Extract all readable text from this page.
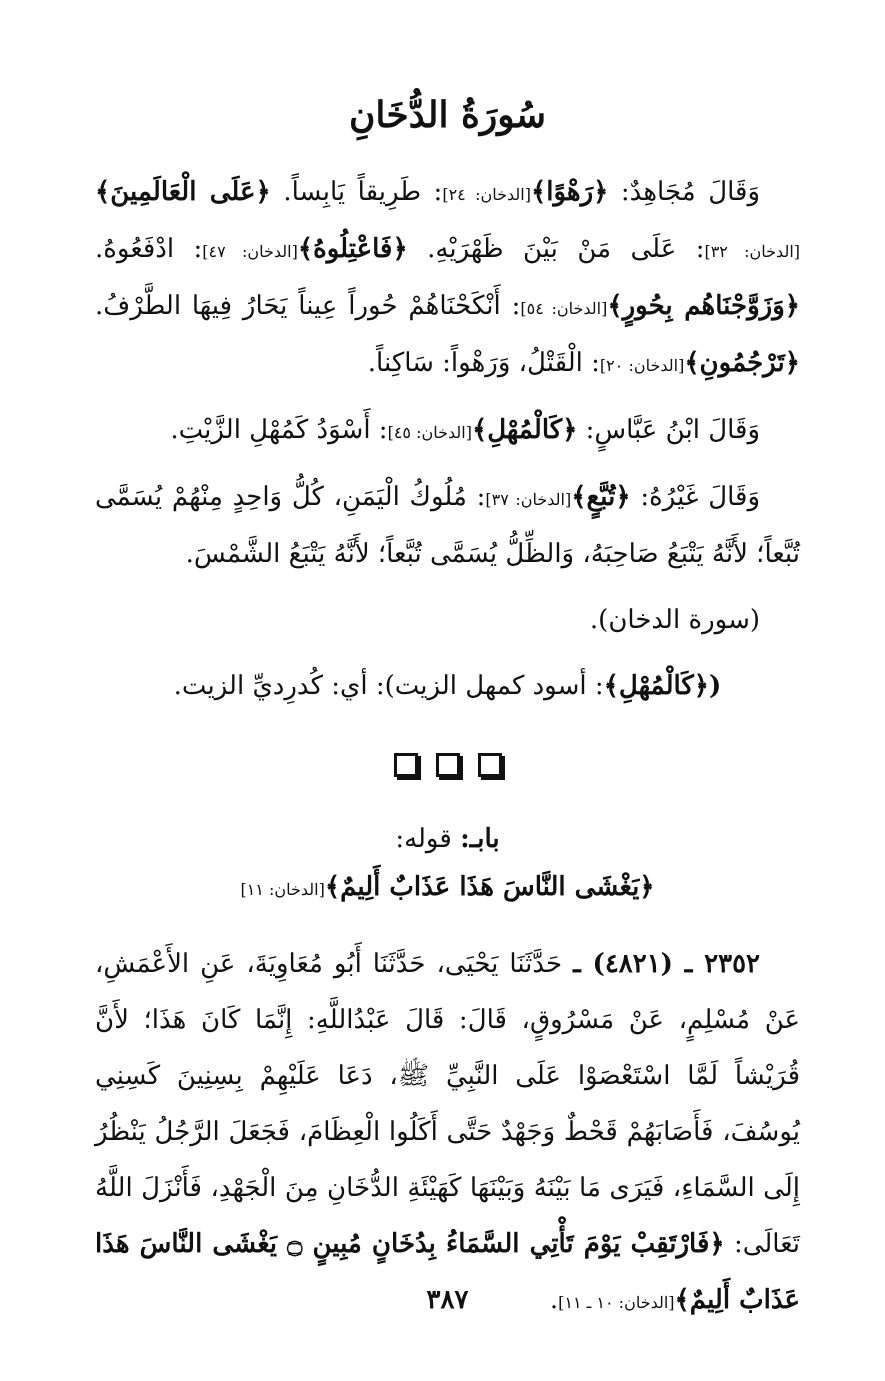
سُورَةُ الدُّخَانِ

وَقَالَ مُجَاهِدٌ: ﴿رَهْوًا﴾[الدخان: ٢٤]: طَرِيقاً يَابِساً. ﴿عَلَى الْعَالَمِينَ﴾[الدخان: ٣٢]: عَلَى مَنْ بَيْنَ ظَهْرَيْهِ. ﴿فَاعْتِلُوهُ﴾[الدخان: ٤٧]: ادْفَعُوهُ. ﴿وَزَوَّجْنَاهُم بِحُورٍ﴾[الدخان: ٥٤]: أَنْكَحْنَاهُمْ حُوراً عِيناً يَحَارُ فِيهَا الطَّرْفُ. ﴿تَرْجُمُونِ﴾[الدخان: ٢٠]: الْقَتْلُ، وَرَهْواً: سَاكِناً.

وَقَالَ ابْنُ عَبَّاسٍ: ﴿كَالْمُهْلِ﴾[الدخان: ٤٥]: أَسْوَدُ كَمُهْلِ الزَّيْتِ.

وَقَالَ غَيْرُهُ: ﴿تُبَّعٍ﴾[الدخان: ٣٧]: مُلُوكُ الْيَمَنِ، كُلُّ وَاحِدٍ مِنْهُمْ يُسَمَّى تُبَّعاً؛ لأَنَّهُ يَتْبَعُ صَاحِبَهُ، وَالظِّلُّ يُسَمَّى تُبَّعاً؛ لأَنَّهُ يَتْبَعُ الشَّمْسَ.

(سورة الدخان).

(﴿كَالْمُهْلِ﴾: أسود كمهل الزيت): أي: كُدرِديِّ الزيت.

بابـ: قوله:

﴿يَغْشَى النَّاسَ هَذَا عَذَابٌ أَلِيمٌ﴾[الدخان: ١١]

٢٣٥٢ ـ (٤٨٢١) ـ حَدَّثَنَا يَحْيَى، حَدَّثَنَا أَبُو مُعَاوِيَةَ، عَنِ الأَعْمَشِ، عَنْ مُسْلِمٍ، عَنْ مَسْرُوقٍ، قَالَ: قَالَ عَبْدُاللَّهِ: إِنَّمَا كَانَ هَذَا؛ لأَنَّ قُرَيْشاً لَمَّا اسْتَعْصَوْا عَلَى النَّبِيِّ ﷺ، دَعَا عَلَيْهِمْ بِسِنِينَ كَسِنِي يُوسُفَ، فَأَصَابَهُمْ قَحْطٌ وَجَهْدٌ حَتَّى أَكَلُوا الْعِظَامَ، فَجَعَلَ الرَّجُلُ يَنْظُرُ إِلَى السَّمَاءِ، فَيَرَى مَا بَيْنَهُ وَبَيْنَهَا كَهَيْئَةِ الدُّخَانِ مِنَ الْجَهْدِ، فَأَنْزَلَ اللَّهُ تَعَالَى: ﴿فَارْتَقِبْ يَوْمَ تَأْتِي السَّمَاءُ بِدُخَانٍ مُبِينٍ ۝ يَغْشَى النَّاسَ هَذَا عَذَابٌ أَلِيمٌ﴾[الدخان: ١٠ ـ ١١].

٣٨٧
